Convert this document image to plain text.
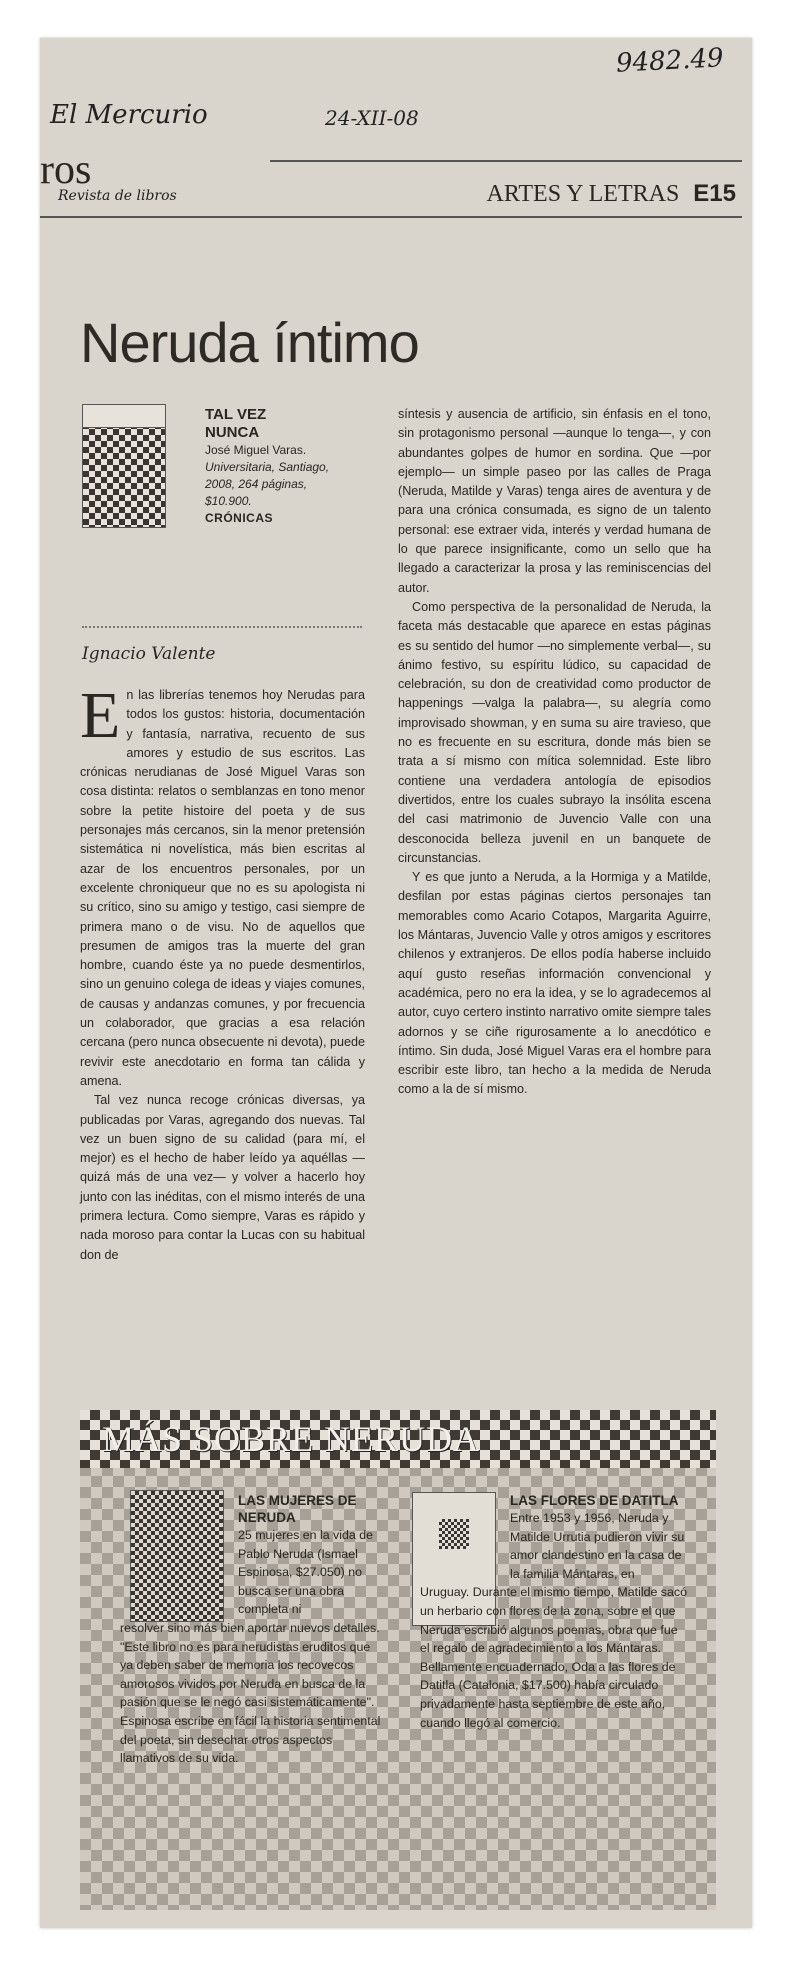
9482.49
El Mercurio	24-XII-08
ros
ARTES Y LETRAS E15
Revista de libros
Neruda íntimo
TAL VEZ
NUNCA
José Miguel Varas.
Universitaria, Santiago, 2008, 264 páginas, $10.900.
CRÓNICAS
Ignacio Valente

En las librerías tenemos hoy Nerudas para todos los gustos: historia, documentación y fantasía, narrativa, recuento de sus amores y estudio de sus escritos. Las crónicas nerudianas de José Miguel Varas son cosa distinta: relatos o semblanzas en tono menor sobre la petite histoire del poeta y de sus personajes más cercanos, sin la menor pretensión sistemática ni novelística, más bien escritas al azar de los encuentros personales, por un excelente chroniqueur que no es su apologista ni su crítico, sino su amigo y testigo, casi siempre de primera mano o de visu. No de aquellos que presumen de amigos tras la muerte del gran hombre, cuando éste ya no puede desmentirlos, sino un genuino colega de ideas y viajes comunes, de causas y andanzas comunes, y por frecuencia un colaborador, que gracias a esa relación cercana (pero nunca obsecuente ni devota), puede revivir este anecdotario en forma tan cálida y amena.

Tal vez nunca recoge crónicas diversas, ya publicadas por Varas, agregando dos nuevas. Tal vez un buen signo de su calidad (para mí, el mejor) es el hecho de haber leído ya aquéllas —quizá más de una vez— y volver a hacerlo hoy junto con las inéditas, con el mismo interés de una primera lectura. Como siempre, Varas es rápido y nada moroso para contar la Lucas con su habitual don de

síntesis y ausencia de artificio, sin énfasis en el tono, sin protagonismo personal —aunque lo tenga—, y con abundantes golpes de humor en sordina. Que —por ejemplo— un simple paseo por las calles de Praga (Neruda, Matilde y Varas) tenga aires de aventura y de para una crónica consumada, es signo de un talento personal: ese extraer vida, interés y verdad humana de lo que parece insignificante, como un sello que ha llegado a caracterizar la prosa y las reminiscencias del autor.

Como perspectiva de la personalidad de Neruda, la faceta más destacable que aparece en estas páginas es su sentido del humor —no simplemente verbal—, su ánimo festivo, su espíritu lúdico, su capacidad de celebración, su don de creatividad como productor de happenings —valga la palabra—, su alegría como improvisado showman, y en suma su aire travieso, que no es frecuente en su escritura, donde más bien se trata a sí mismo con mítica solemnidad. Este libro contiene una verdadera antología de episodios divertidos, entre los cuales subrayo la insólita escena del casi matrimonio de Juvencio Valle con una desconocida belleza juvenil en un banquete de circunstancias.

Y es que junto a Neruda, a la Hormiga y a Matilde, desfilan por estas páginas ciertos personajes tan memorables como Acario Cotapos, Margarita Aguirre, los Mántaras, Juvencio Valle y otros amigos y escritores chilenos y extranjeros. De ellos podía haberse incluido aquí gusto reseñas información convencional y académica, pero no era la idea, y se lo agradecemos al autor, cuyo certero instinto narrativo omite siempre tales adornos y se ciñe rigurosamente a lo anecdótico e íntimo. Sin duda, José Miguel Varas era el hombre para escribir este libro, tan hecho a la medida de Neruda como a la de sí mismo.

MÁS SOBRE NERUDA
LAS MUJERES DE NERUDA
25 mujeres en la vida de Pablo Neruda (Ismael Espinosa, $27.050) no busca ser una obra completa ni
resolver sino más bien aportar nuevos detalles. "Este libro no es para nerudistas eruditos que ya deben saber de memoria los recovecos amorosos vividos por Neruda en busca de la pasión que se le negó casi sistemáticamente". Espinosa escribe en fácil la historia sentimental del poeta, sin desechar otros aspectos llamativos de su vida.
LAS FLORES DE DATITLA
Entre 1953 y 1956, Neruda y Matilde Urrutia pudieron vivir su amor clandestino en la casa de la familia Mántaras, en
Uruguay. Durante el mismo tiempo, Matilde sacó un herbario con flores de la zona, sobre el que Neruda escribió algunos poemas, obra que fue el regalo de agradecimiento a los Mántaras. Bellamente encuadernado, Oda a las flores de Datitla (Catalonia, $17.500) había circulado privadamente hasta septiembre de este año, cuando llegó al comercio.
